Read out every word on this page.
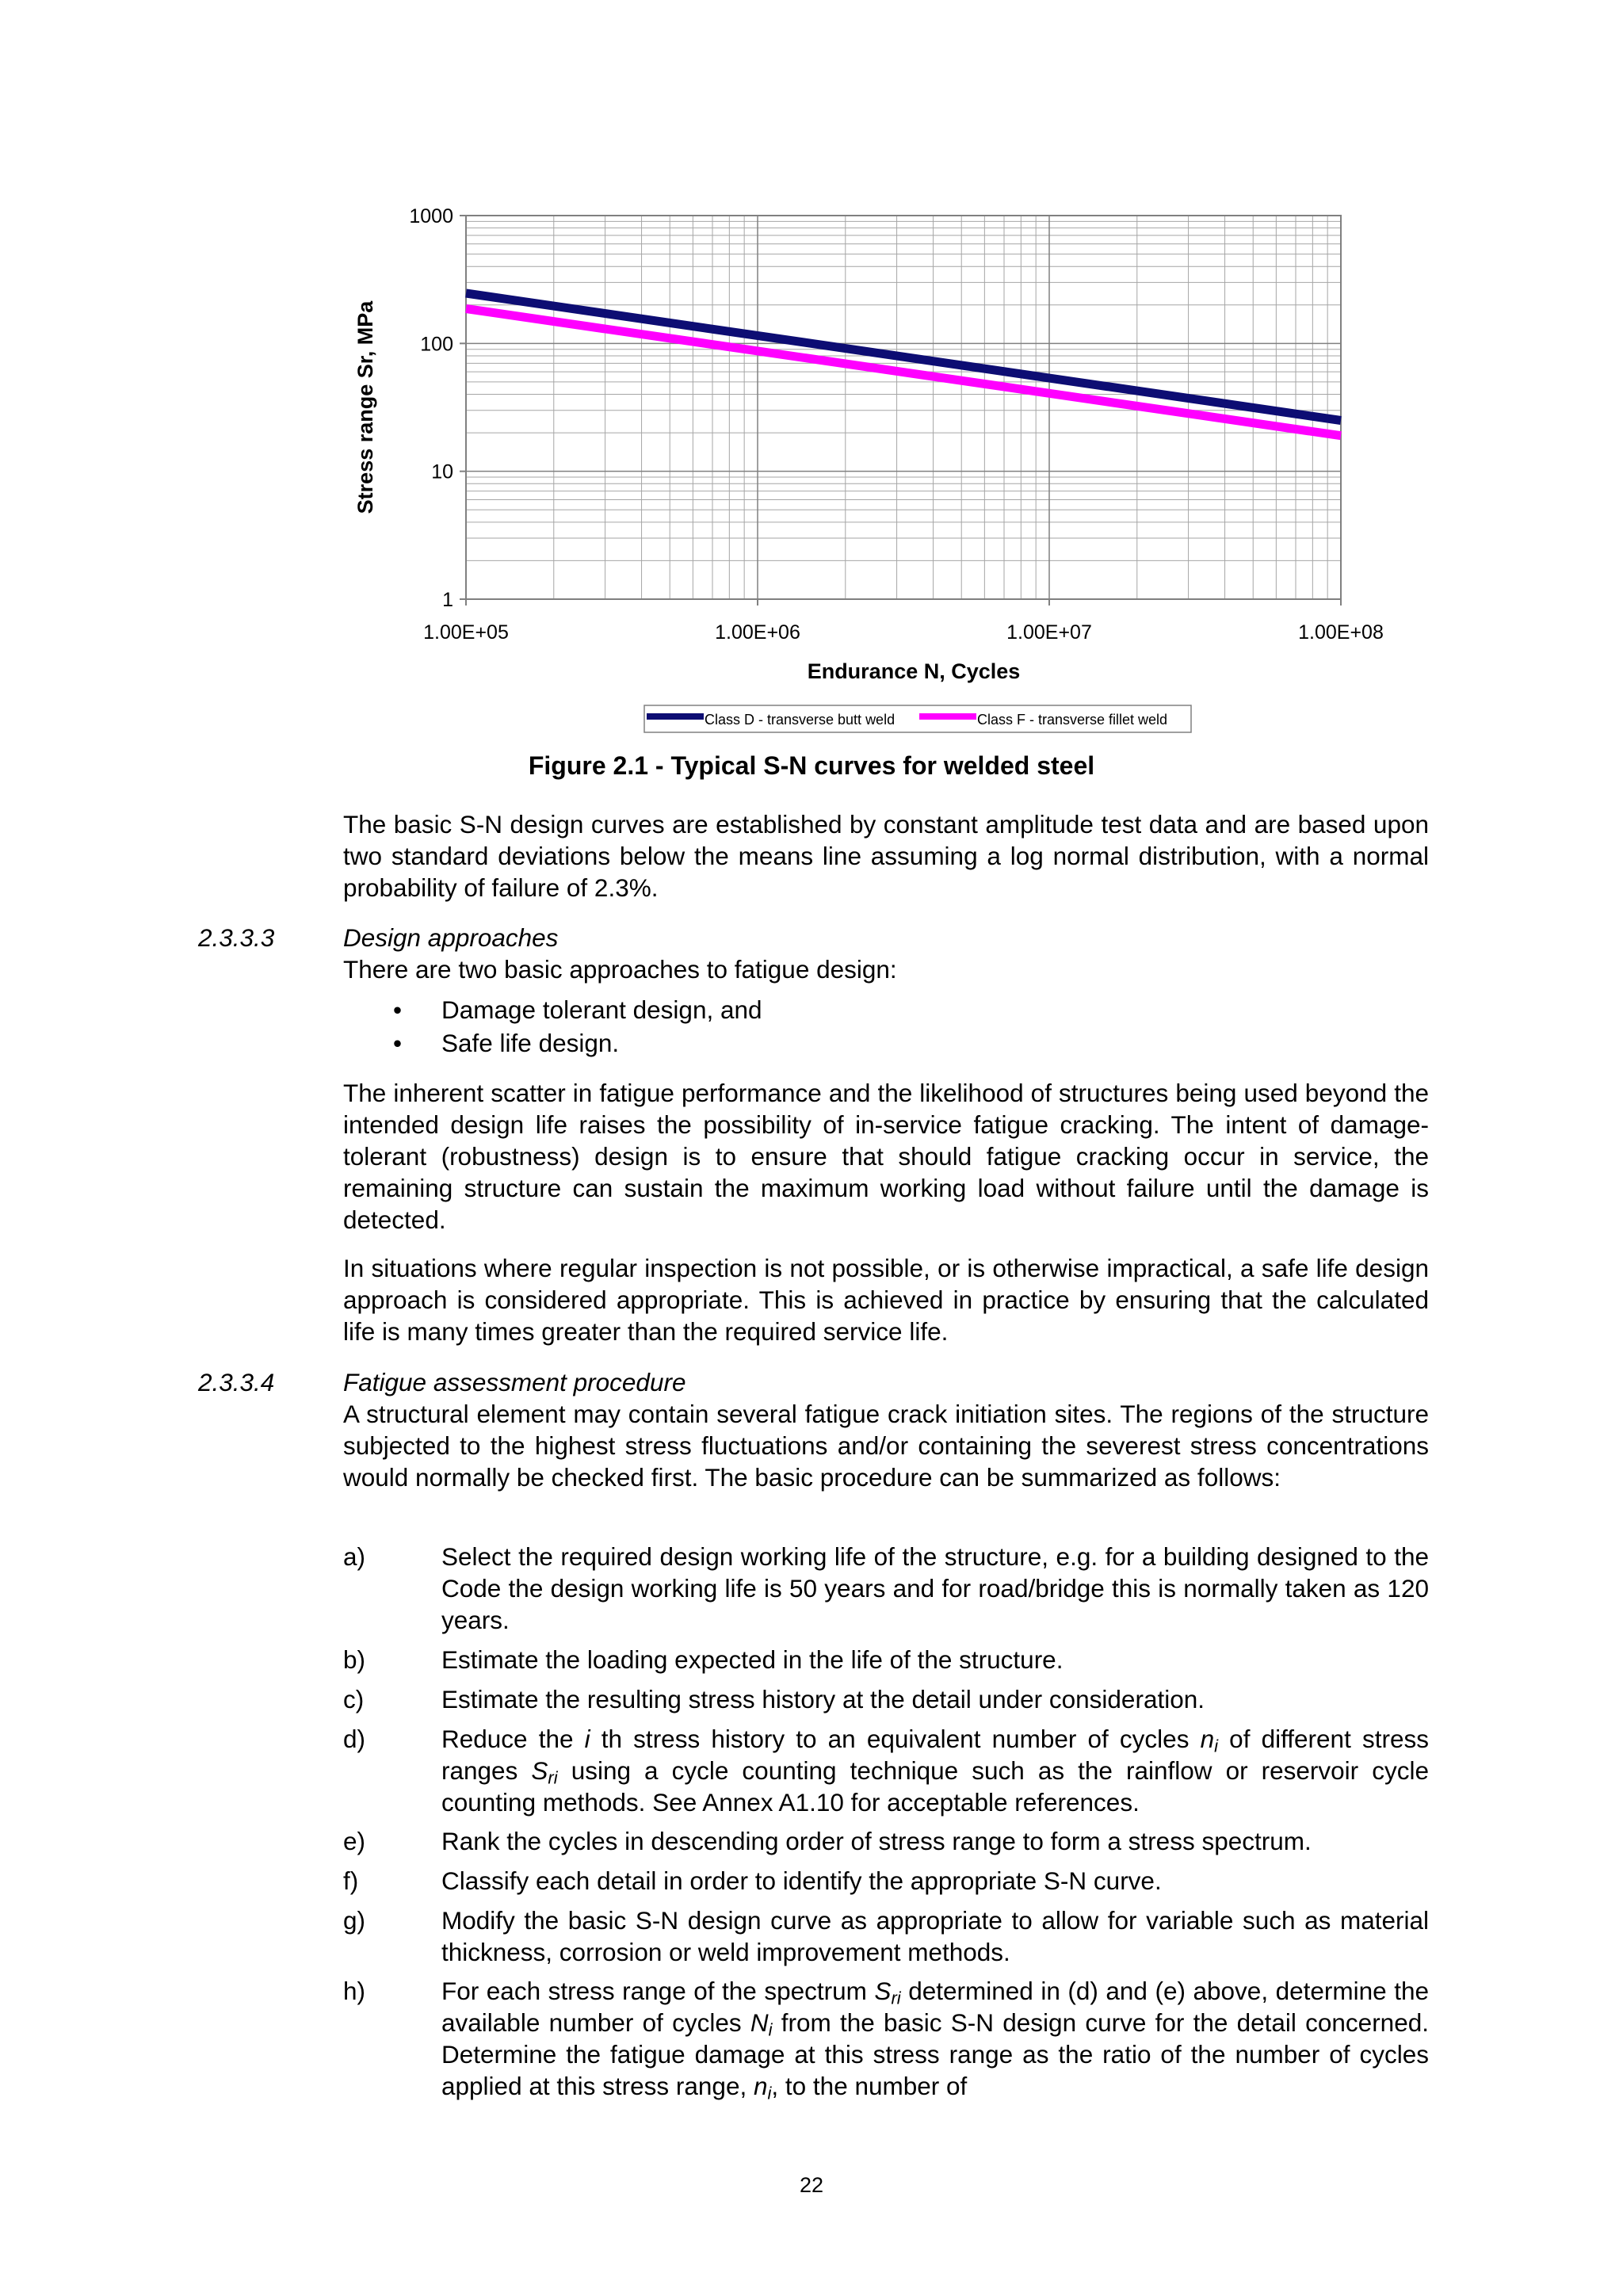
1000
100
10
1
1.00E+05	1.00E+06	1.00E+07	1.00E+08
Endurance N, Cycles
Stress range Sr, MPa
Class D - transverse butt weld	Class F - transverse fillet weld
Figure 2.1 - Typical S-N curves for welded steel
The basic S-N design curves are established by constant amplitude test data and are based upon two standard deviations below the means line assuming a log normal distribution, with a normal probability of failure of 2.3%.
2.3.3.3	Design approaches
There are two basic approaches to fatigue design:
• Damage tolerant design, and
• Safe life design.
The inherent scatter in fatigue performance and the likelihood of structures being used beyond the intended design life raises the possibility of in-service fatigue cracking. The intent of damage-tolerant (robustness) design is to ensure that should fatigue cracking occur in service, the remaining structure can sustain the maximum working load without failure until the damage is detected.
In situations where regular inspection is not possible, or is otherwise impractical, a safe life design approach is considered appropriate. This is achieved in practice by ensuring that the calculated life is many times greater than the required service life.
2.3.3.4	Fatigue assessment procedure
A structural element may contain several fatigue crack initiation sites. The regions of the structure subjected to the highest stress fluctuations and/or containing the severest stress concentrations would normally be checked first. The basic procedure can be summarized as follows:
a)	Select the required design working life of the structure, e.g. for a building designed to the Code the design working life is 50 years and for road/bridge this is normally taken as 120 years.
b)	Estimate the loading expected in the life of the structure.
c)	Estimate the resulting stress history at the detail under consideration.
d)	Reduce the i th stress history to an equivalent number of cycles $n_i$ of different stress ranges $S_{ri}$ using a cycle counting technique such as the rainflow or reservoir cycle counting methods. See Annex A1.10 for acceptable references.
e)	Rank the cycles in descending order of stress range to form a stress spectrum.
f)	Classify each detail in order to identify the appropriate S-N curve.
g)	Modify the basic S-N design curve as appropriate to allow for variable such as material thickness, corrosion or weld improvement methods.
h)	For each stress range of the spectrum $S_{ri}$ determined in (d) and (e) above, determine the available number of cycles $N_i$ from the basic S-N design curve for the detail concerned. Determine the fatigue damage at this stress range as the ratio of the number of cycles applied at this stress range, $n_i$, to the number of
22
